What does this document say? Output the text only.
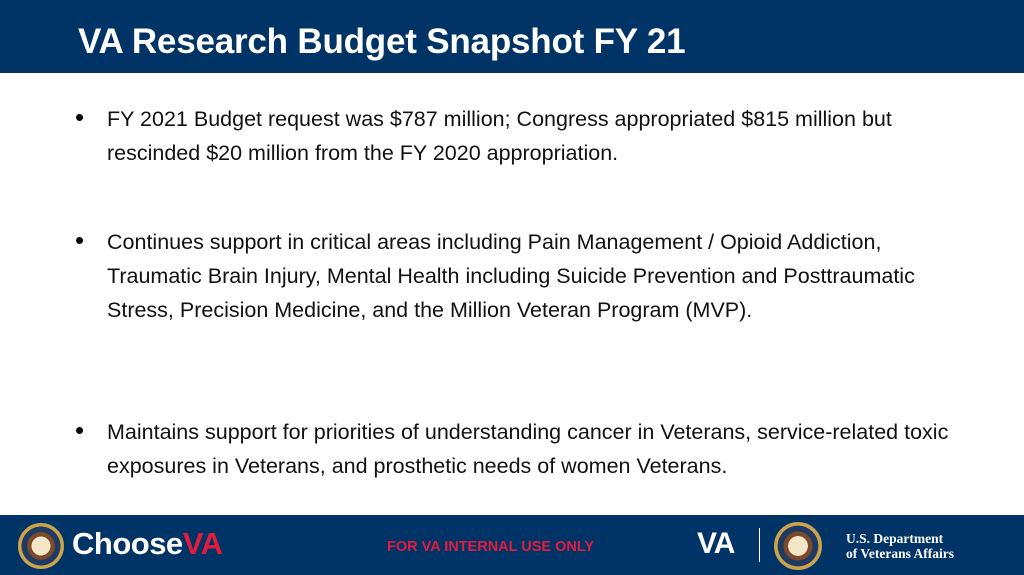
VA Research Budget Snapshot FY 21
•	FY 2021 Budget request was $787 million; Congress appropriated $815 million but rescinded $20 million from the FY 2020 appropriation.
•	Continues support in critical areas including Pain Management / Opioid Addiction, Traumatic Brain Injury, Mental Health including Suicide Prevention and Posttraumatic Stress, Precision Medicine, and the Million Veteran Program (MVP).
•	Maintains support for priorities of understanding cancer in Veterans, service-related toxic exposures in Veterans, and prosthetic needs of women Veterans.
ChooseVA	FOR VA INTERNAL USE ONLY	VA	U.S. Department
of Veterans Affairs
